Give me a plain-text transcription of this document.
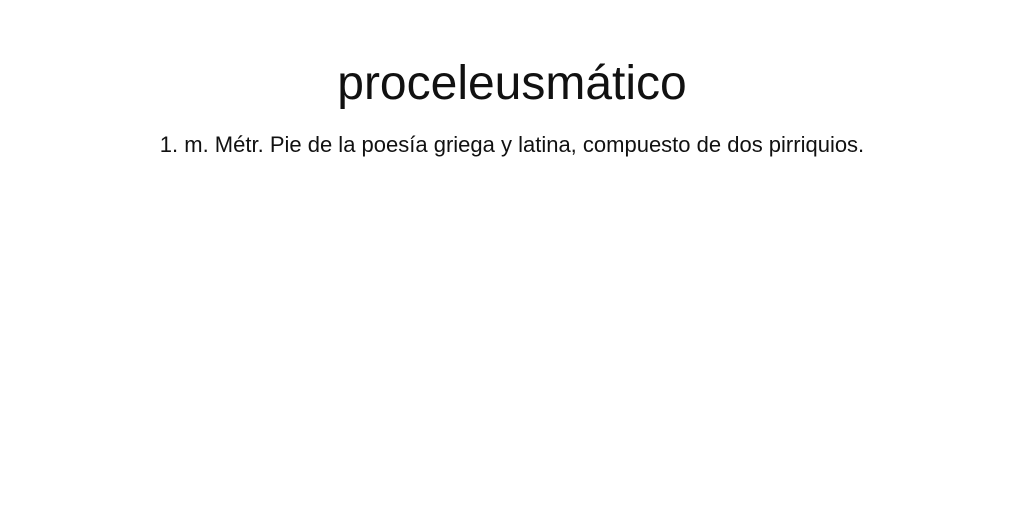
proceleusmático

1. m. Métr. Pie de la poesía griega y latina, compuesto de dos pirriquios.
